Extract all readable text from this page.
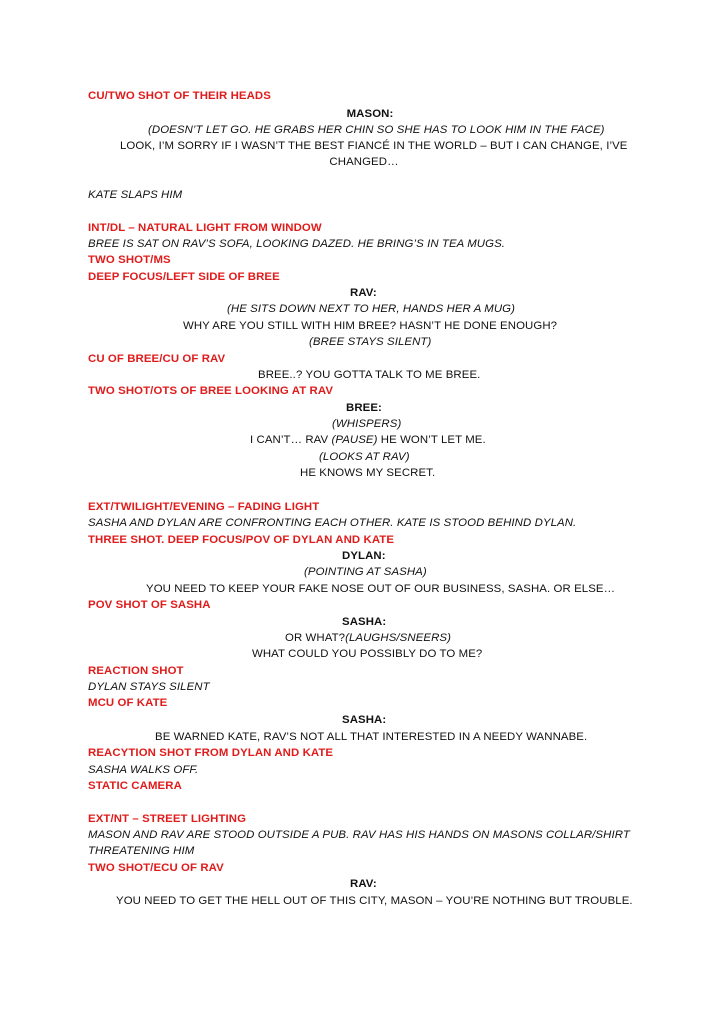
CU/TWO SHOT OF THEIR HEADS
MASON:
(DOESN’T LET GO. HE GRABS HER CHIN SO SHE HAS TO LOOK HIM IN THE FACE)
LOOK, I’M SORRY IF I WASN’T THE BEST FIANCÉ IN THE WORLD – BUT I CAN CHANGE, I’VE
CHANGED…
KATE SLAPS HIM
INT/DL – NATURAL LIGHT FROM WINDOW
BREE IS SAT ON RAV’S SOFA, LOOKING DAZED. HE BRING’S IN TEA MUGS.
TWO SHOT/MS
DEEP FOCUS/LEFT SIDE OF BREE
RAV:
(HE SITS DOWN NEXT TO HER, HANDS HER A MUG)
WHY ARE YOU STILL WITH HIM BREE? HASN’T HE DONE ENOUGH?
(BREE STAYS SILENT)
CU OF BREE/CU OF RAV
BREE..? YOU GOTTA TALK TO ME BREE.
TWO SHOT/OTS OF BREE LOOKING AT RAV
BREE:
(WHISPERS)
I CAN’T… RAV (PAUSE) HE WON’T LET ME.
(LOOKS AT RAV)
HE KNOWS MY SECRET.
EXT/TWILIGHT/EVENING – FADING LIGHT
SASHA AND DYLAN ARE CONFRONTING EACH OTHER. KATE IS STOOD BEHIND DYLAN.
THREE SHOT. DEEP FOCUS/POV OF DYLAN AND KATE
DYLAN:
(POINTING AT SASHA)
YOU NEED TO KEEP YOUR FAKE NOSE OUT OF OUR BUSINESS, SASHA. OR ELSE…
POV SHOT OF SASHA
SASHA:
OR WHAT?(LAUGHS/SNEERS)
WHAT COULD YOU POSSIBLY DO TO ME?
REACTION SHOT
DYLAN STAYS SILENT
MCU OF KATE
SASHA:
BE WARNED KATE, RAV’S NOT ALL THAT INTERESTED IN A NEEDY WANNABE.
REACYTION SHOT FROM DYLAN AND KATE
SASHA WALKS OFF.
STATIC CAMERA
EXT/NT – STREET LIGHTING
MASON AND RAV ARE STOOD OUTSIDE A PUB. RAV HAS HIS HANDS ON MASONS COLLAR/SHIRT
THREATENING HIM
TWO SHOT/ECU OF RAV
RAV:
YOU NEED TO GET THE HELL OUT OF THIS CITY, MASON – YOU’RE NOTHING BUT TROUBLE.
